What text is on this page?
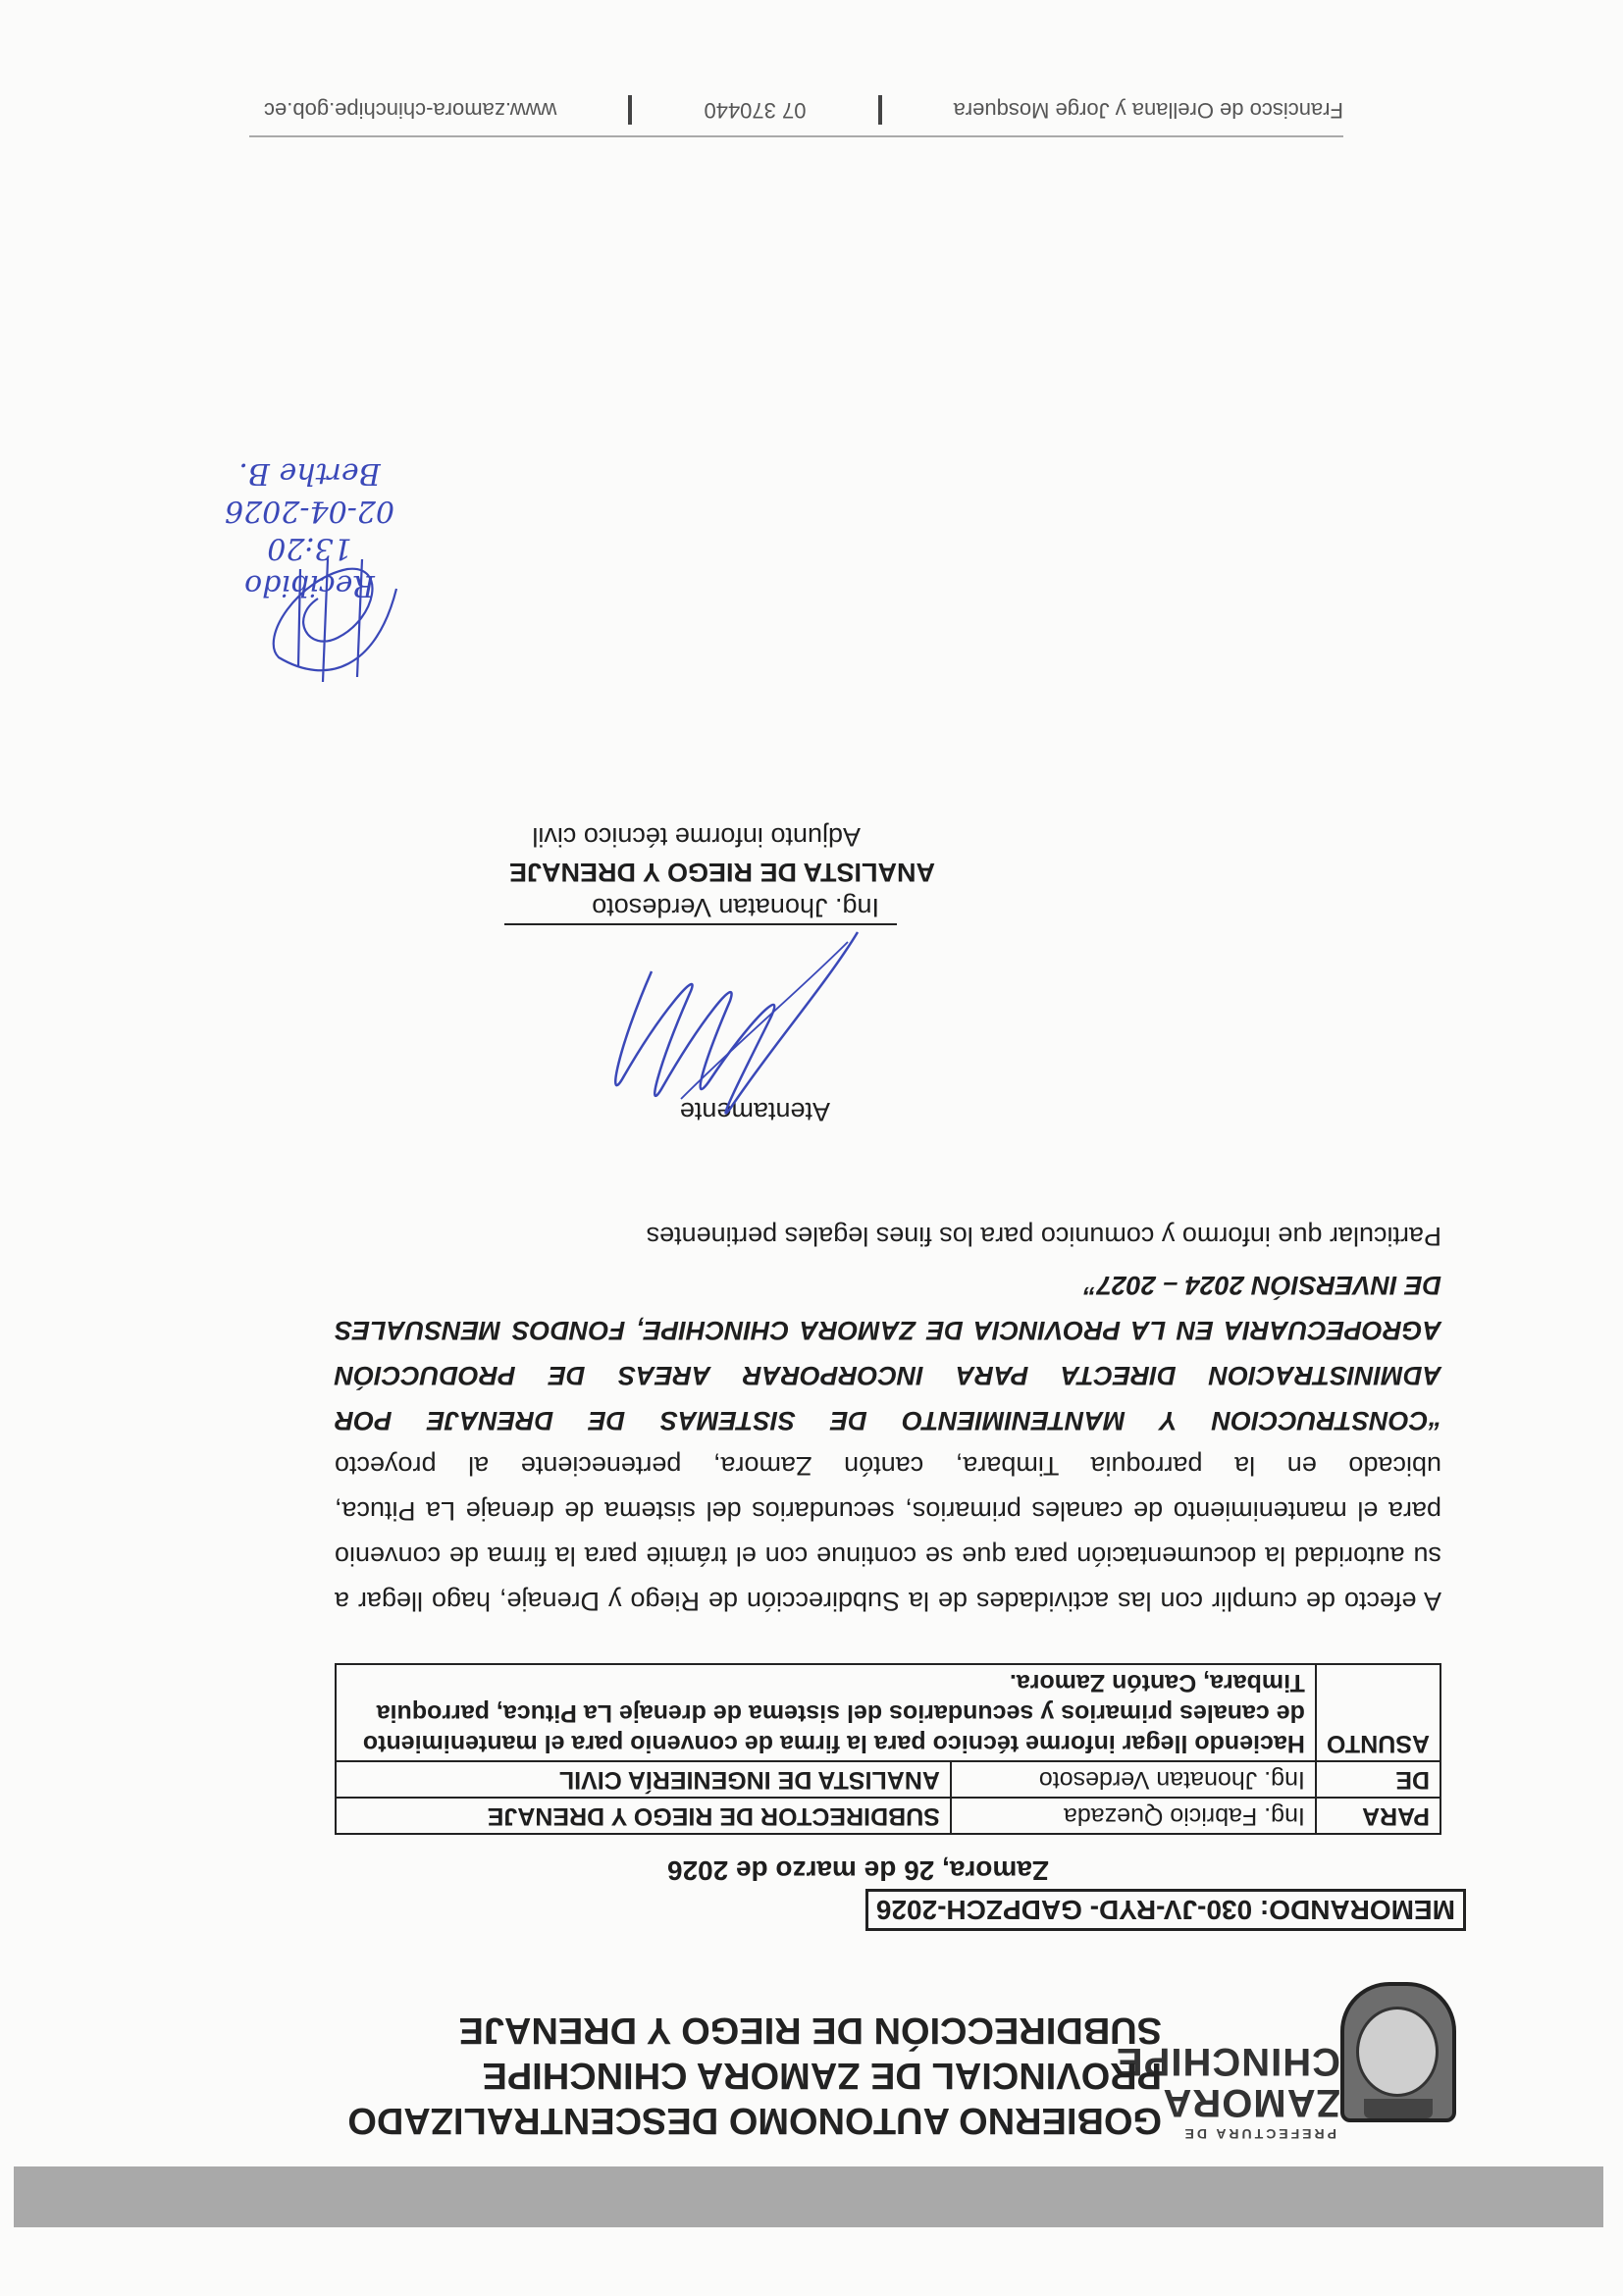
PREFECTURA DE
ZAMORA
CHINCHIPE
GOBIERNO AUTONOMO DESCENTRALIZADO
PROVINCIAL DE ZAMORA CHINCHIPE
SUBDIRECCIÓN DE RIEGO Y DRENAJE
MEMORANDO: 030-JV-RYD- GADPZCH-2026
Zamora, 26 de marzo de 2026
PARA	Ing. Fabricio Quezada	SUBDIRECTOR DE RIEGO Y DRENAJE
DE	Ing. Jhonatan Verdesoto	ANALISTA DE INGENIERÍA CIVIL
ASUNTO	Haciendo llegar informe técnico para la firma de convenio para el mantenimiento de canales primarios y secundarios del sistema de drenaje La Pitucа, parroquia Timbara, Cantón Zamora.	

A efecto de cumplir con las actividades de la Subdirección de Riego y Drenaje, hago llegar a su autoridad la documentación para que se continue con el trámite para la firma de convenio para el mantenimiento de canales primarios, secundarios del sistema de drenaje La Pitucа, ubicado en la parroquia Timbara, cantón Zamora, perteneciente al proyecto “CONSTRUCCION Y MANTENIMIENTO DE SISTEMAS DE DRENAJE POR ADMINISTRACION DIRECTA PARA INCORPORAR AREAS DE PRODUCCIÓN AGROPECUARIA EN LA PROVINCIA DE ZAMORA CHINCHIPE, FONDOS MENSUALES DE INVERSIÓN 2024 – 2027”

Particular que informo y comunico para los fines legales pertinentes
Atentamente
Ing. Jhonatan Verdesoto
ANALISTA DE RIEGO Y DRENAJE
Adjunto informe técnico civil
Recibido
13:20
02-04-2026
Berthe B.
Francisco de Orellana y Jorge Mosquera
07 370440
www.zamora-chinchipe.gob.ec
